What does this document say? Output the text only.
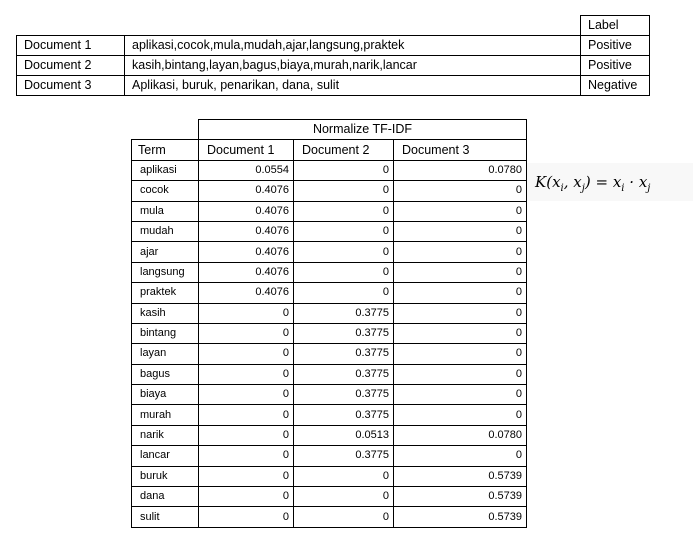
		Label
Document 1	aplikasi,cocok,mula,mudah,ajar,langsung,praktek	Positive
Document 2	kasih,bintang,layan,bagus,biaya,murah,narik,lancar	Positive
Document 3	Aplikasi, buruk, penarikan, dana, sulit	Negative
	Normalize TF-IDF		
Term	Document 1	Document 2	Document 3
aplikasi	0.0554	0	0.0780
cocok	0.4076	0	0
mula	0.4076	0	0
mudah	0.4076	0	0
ajar	0.4076	0	0
langsung	0.4076	0	0
praktek	0.4076	0	0
kasih	0	0.3775	0
bintang	0	0.3775	0
layan	0	0.3775	0
bagus	0	0.3775	0
biaya	0	0.3775	0
murah	0	0.3775	0
narik	0	0.0513	0.0780
lancar	0	0.3775	0
buruk	0	0	0.5739
dana	0	0	0.5739
sulit	0	0	0.5739
$K(x_i$, $x_j) = x_i \cdot x_j$
